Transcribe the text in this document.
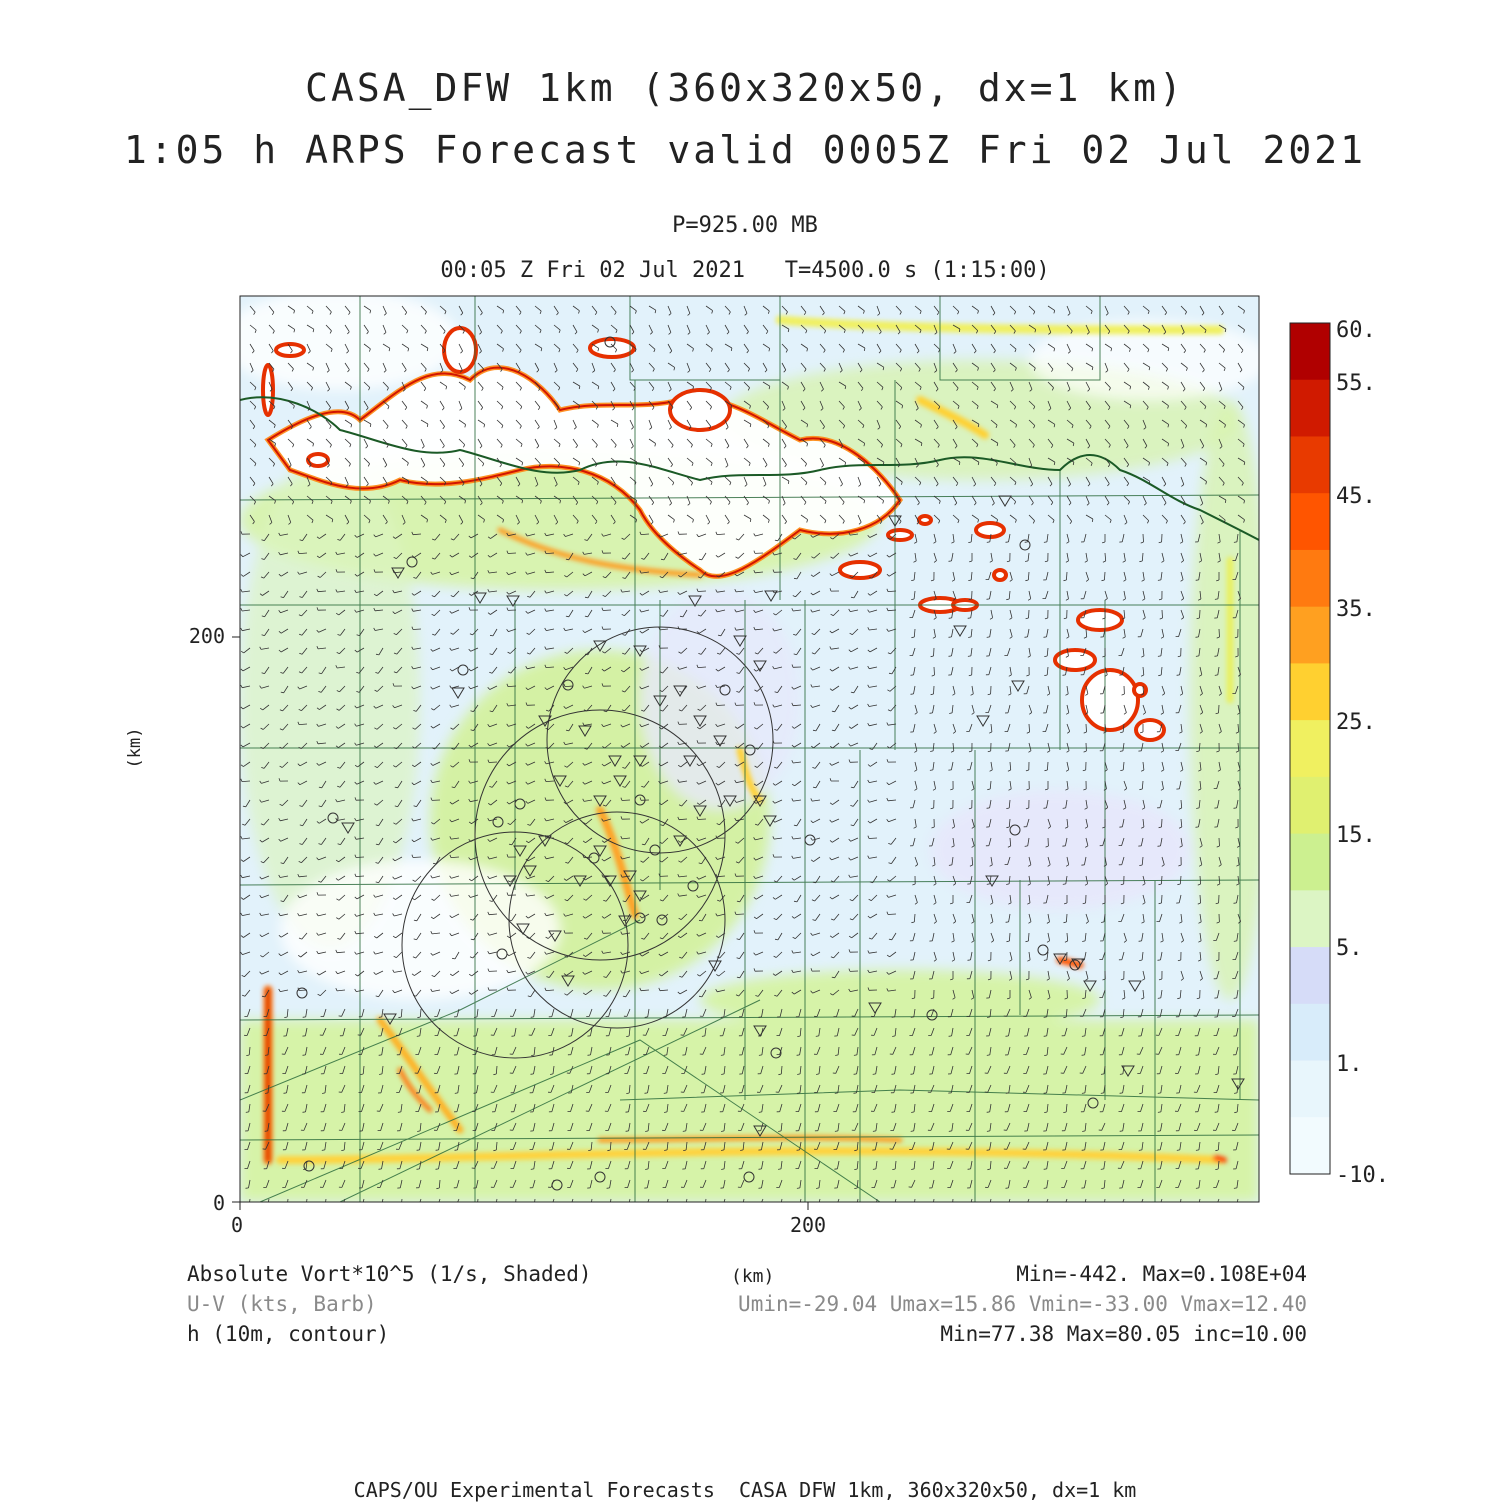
CASA_DFW 1km (360x320x50, dx=1 km)
1:05 h ARPS Forecast valid 0005Z Fri 02 Jul 2021
P=925.00 MB
00:05 Z Fri 02 Jul 2021   T=4500.0 s (1:15:00)
200
0
0	200
(km)
60.
55.
45.
35.
25.
15.
5.
1.
-10.
Absolute Vort*10^5 (1/s, Shaded)	(km)	Min=-442. Max=0.108E+04
U-V (kts, Barb)	Umin=-29.04 Umax=15.86 Vmin=-33.00 Vmax=12.40
h (10m, contour)	Min=77.38 Max=80.05 inc=10.00
CAPS/OU Experimental Forecasts  CASA DFW 1km, 360x320x50, dx=1 km
